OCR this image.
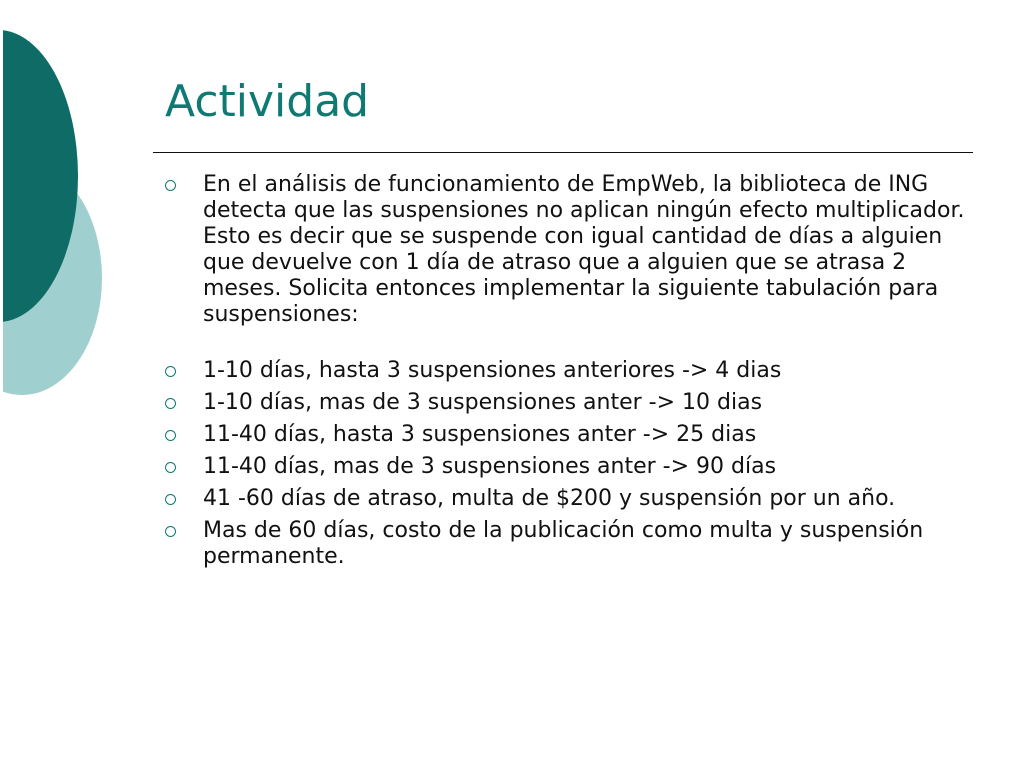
Actividad
En el análisis de funcionamiento de EmpWeb, la biblioteca de ING detecta que las suspensiones no aplican ningún efecto multiplicador. Esto es decir que se suspende con igual cantidad de días a alguien que devuelve con 1 día de atraso que a alguien que se atrasa 2 meses. Solicita entonces implementar la siguiente tabulación para suspensiones:
1-10 días, hasta 3 suspensiones anteriores -> 4 dias
1-10 días, mas de 3 suspensiones anter -> 10 dias
11-40 días, hasta 3 suspensiones anter -> 25 dias
11-40 días, mas de 3 suspensiones anter -> 90 días
41 -60 días de atraso, multa de $200 y suspensión por un año.
Mas de 60 días, costo de la publicación como multa y suspensión permanente.
